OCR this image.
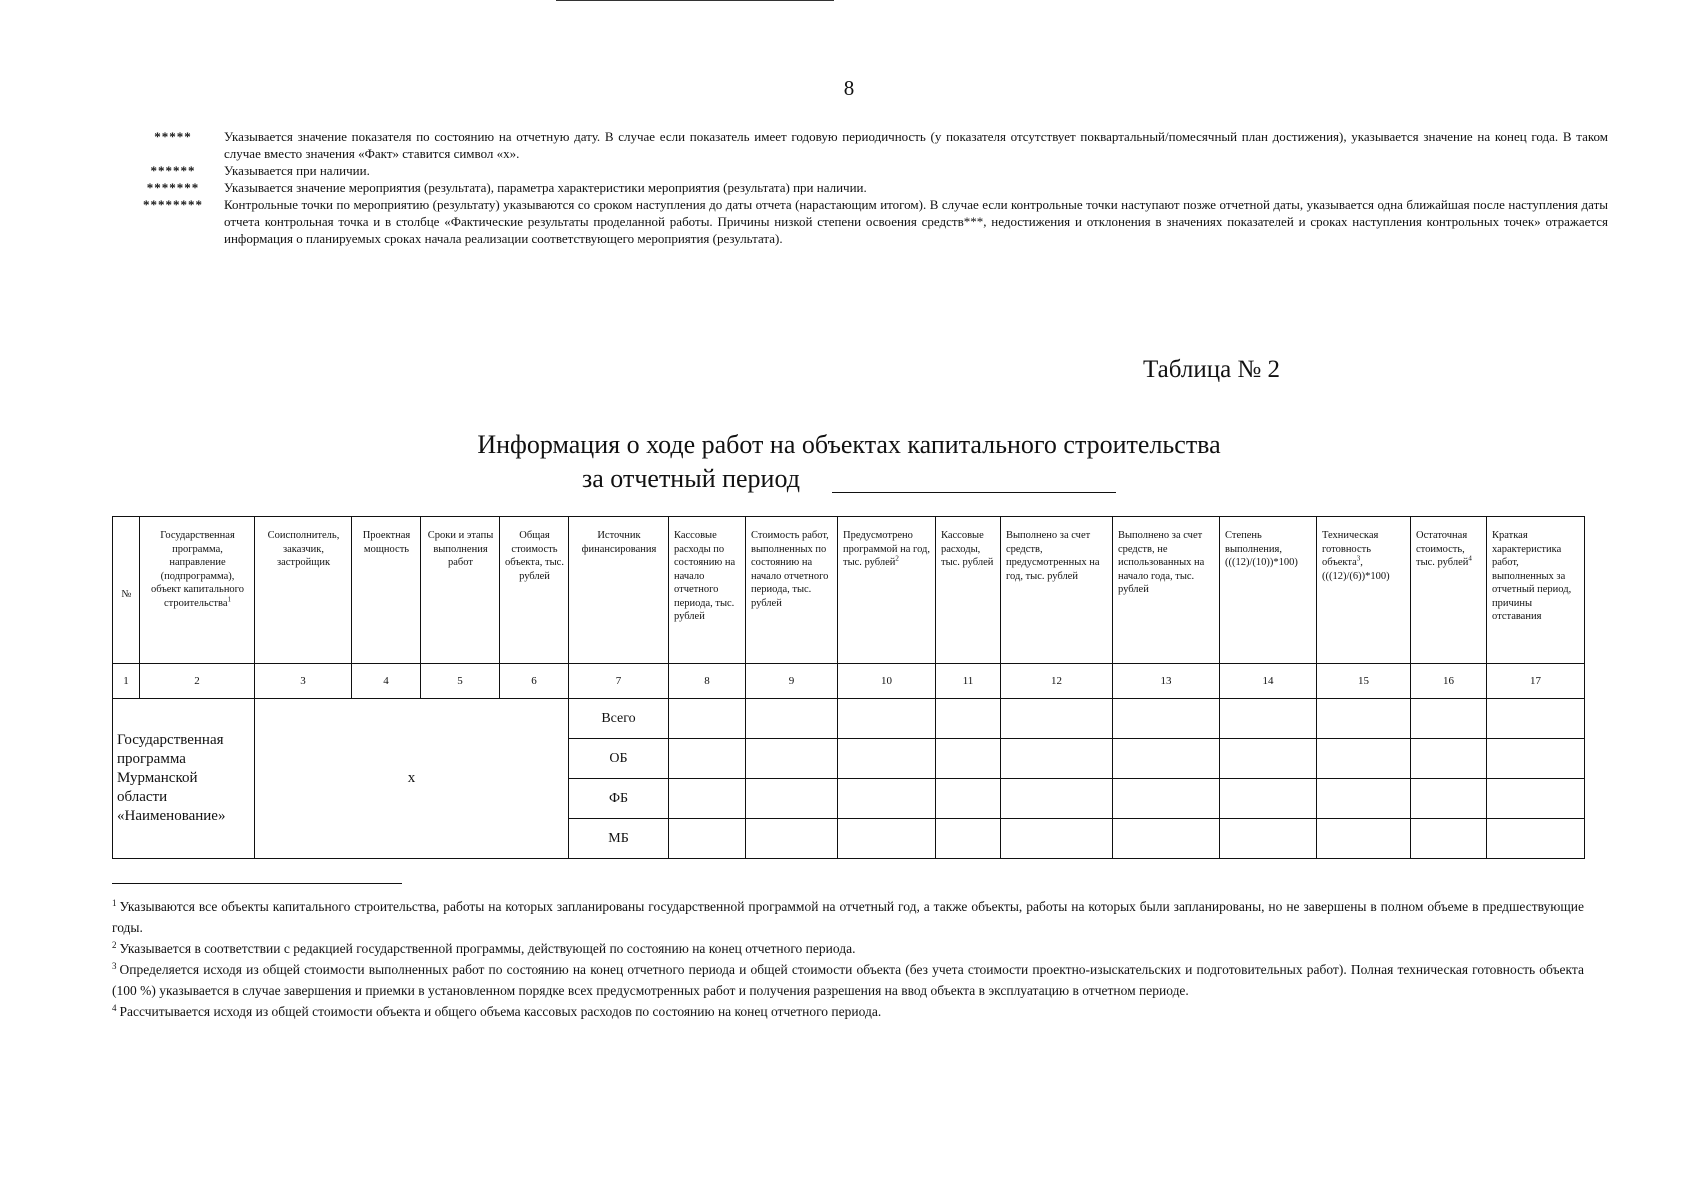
8
*****	Указывается значение показателя по состоянию на отчетную дату. В случае если показатель имеет годовую периодичность (у показателя отсутствует поквартальный/помесячный план достижения), указывается значение на конец года. В таком случае вместо значения «Факт» ставится символ «х».
******	Указывается при наличии.
*******	Указывается значение мероприятия (результата), параметра характеристики мероприятия (результата) при наличии.
********	Контрольные точки по мероприятию (результату) указываются со сроком наступления до даты отчета (нарастающим итогом). В случае если контрольные точки наступают позже отчетной даты, указывается одна ближайшая после наступления даты отчета контрольная точка и в столбце «Фактические результаты проделанной работы. Причины низкой степени освоения средств***, недостижения и отклонения в значениях показателей и сроках наступления контрольных точек» отражается информация о планируемых сроках начала реализации соответствующего мероприятия (результата).
Таблица № 2
Информация о ходе работ на объектах капитального строительства
за отчетный период
№	Государственная программа, направление (подпрограмма), объект капитального строительства$^1$	Соисполнитель, заказчик, застройщик	Проектная мощность	Сроки и этапы выполнения работ	Общая стоимость объекта, тыс. рублей	Источник финансирования	Кассовые расходы по состоянию на начало отчетного периода, тыс. рублей	Стоимость работ, выполненных по состоянию на начало отчетного периода, тыс. рублей	Предусмотрено программой на год, тыс. рублей$^2$	Кассовые расходы, тыс. рублей	Выполнено за счет средств, предусмотренных на год, тыс. рублей	Выполнено за счет средств, не использованных на начало года, тыс. рублей	Степень выполнения, (((12)/(10))*100)	Техническая готовность объекта$^3$, (((12)/(6))*100)	Остаточная стоимость, тыс. рублей$^4$	Краткая характеристика работ, выполненных за отчетный период, причины отставания
1	2	3	4	5	6	7	8	9	10	11	12	13	14	15	16	17
Государственная программа Мурманской области «Наименование»		х				Всего										
						ОБ										
						ФБ										
						МБ										
$^1$ Указываются все объекты капитального строительства, работы на которых запланированы государственной программой на отчетный год, а также объекты, работы на которых были запланированы, но не завершены в полном объеме в предшествующие годы.
$^2$ Указывается в соответствии с редакцией государственной программы, действующей по состоянию на конец отчетного периода.
$^3$ Определяется исходя из общей стоимости выполненных работ по состоянию на конец отчетного периода и общей стоимости объекта (без учета стоимости проектно-изыскательских и подготовительных работ). Полная техническая готовность объекта (100 %) указывается в случае завершения и приемки в установленном порядке всех предусмотренных работ и получения разрешения на ввод объекта в эксплуатацию в отчетном периоде.
$^4$ Рассчитывается исходя из общей стоимости объекта и общего объема кассовых расходов по состоянию на конец отчетного периода.
